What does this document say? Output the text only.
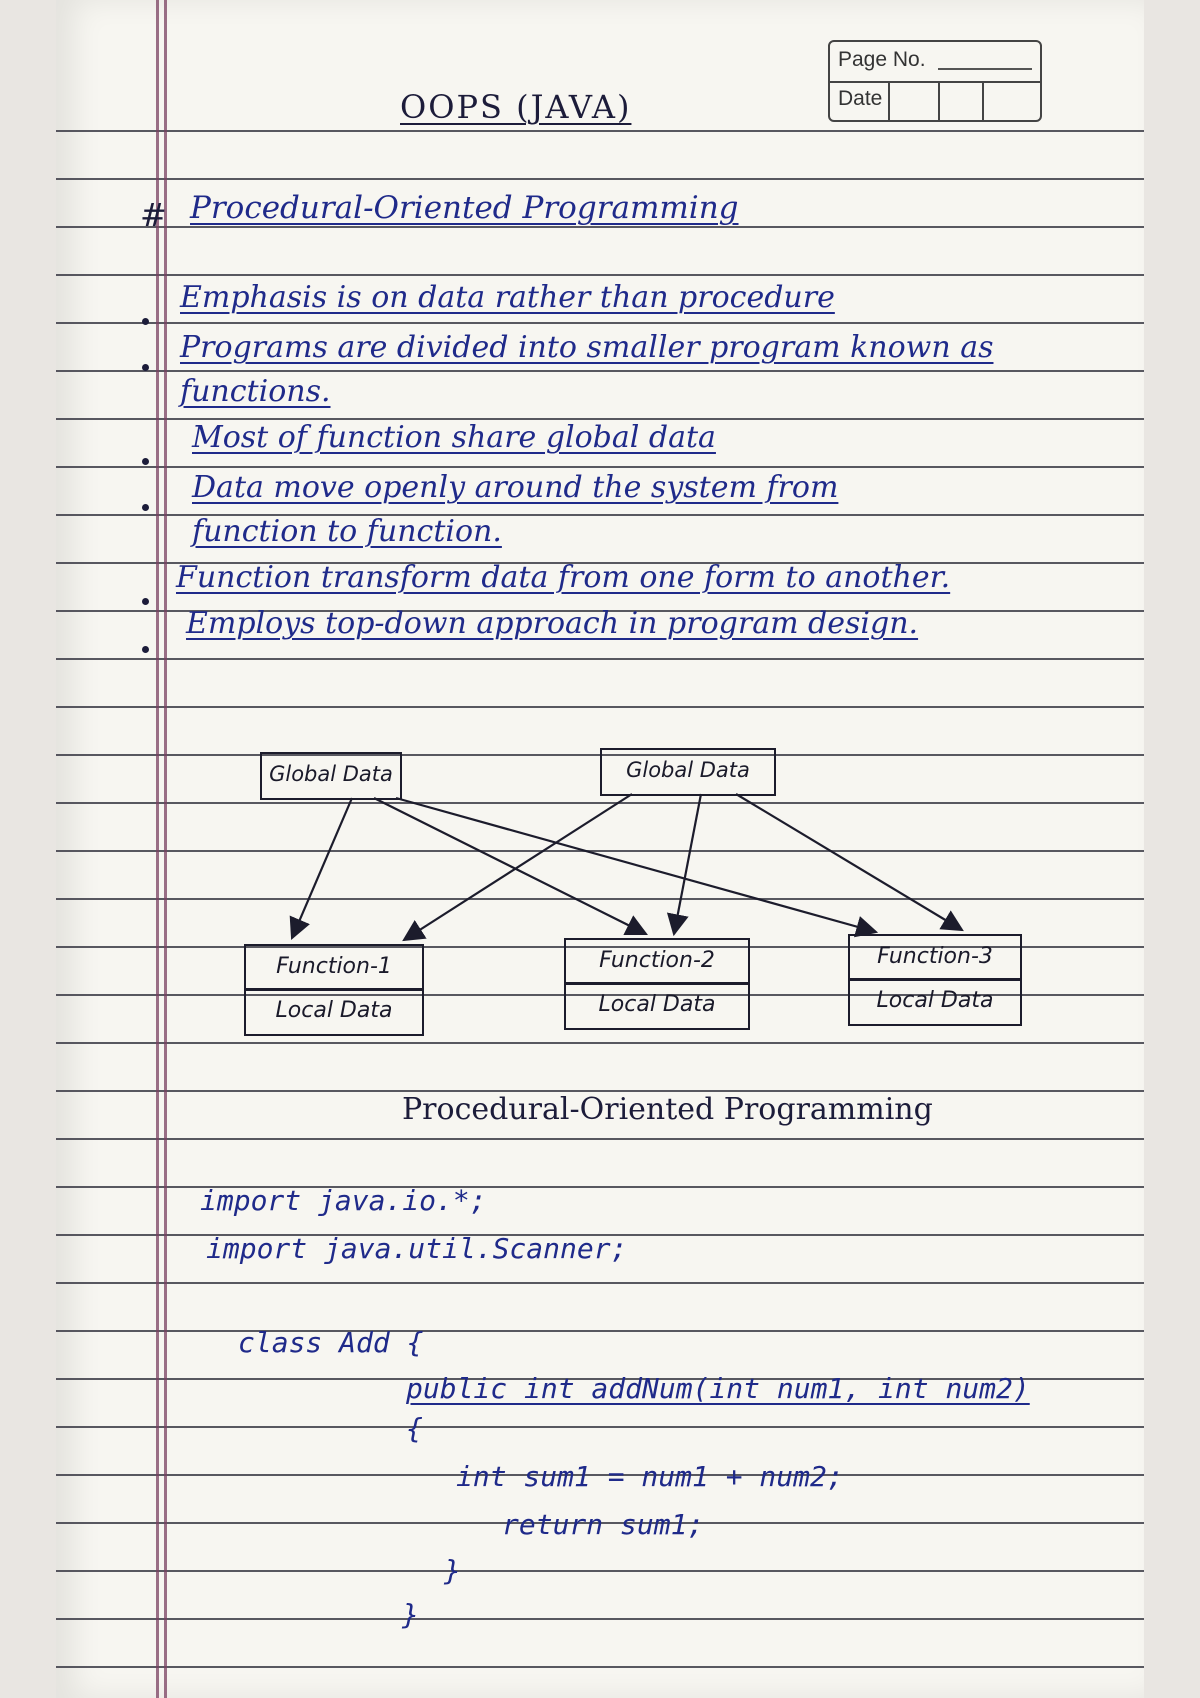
Page No.
Date
OOPS (JAVA)
# Procedural-Oriented Programming
Emphasis is on data rather than procedure
Programs are divided into smaller program known as functions.
Most of function share global data
Data move openly around the system from function to function.
Function transform data from one form to another.
Employs top-down approach in program design.
Global Data	Global Data
Function-1
Local Data
Function-2
Local Data
Function-3
Local Data
Procedural-Oriented Programming
import java.io.*;
import java.util.Scanner;
class Add {
public int addNum(int num1, int num2)
{
int sum1 = num1 + num2;
return sum1;
}
}
